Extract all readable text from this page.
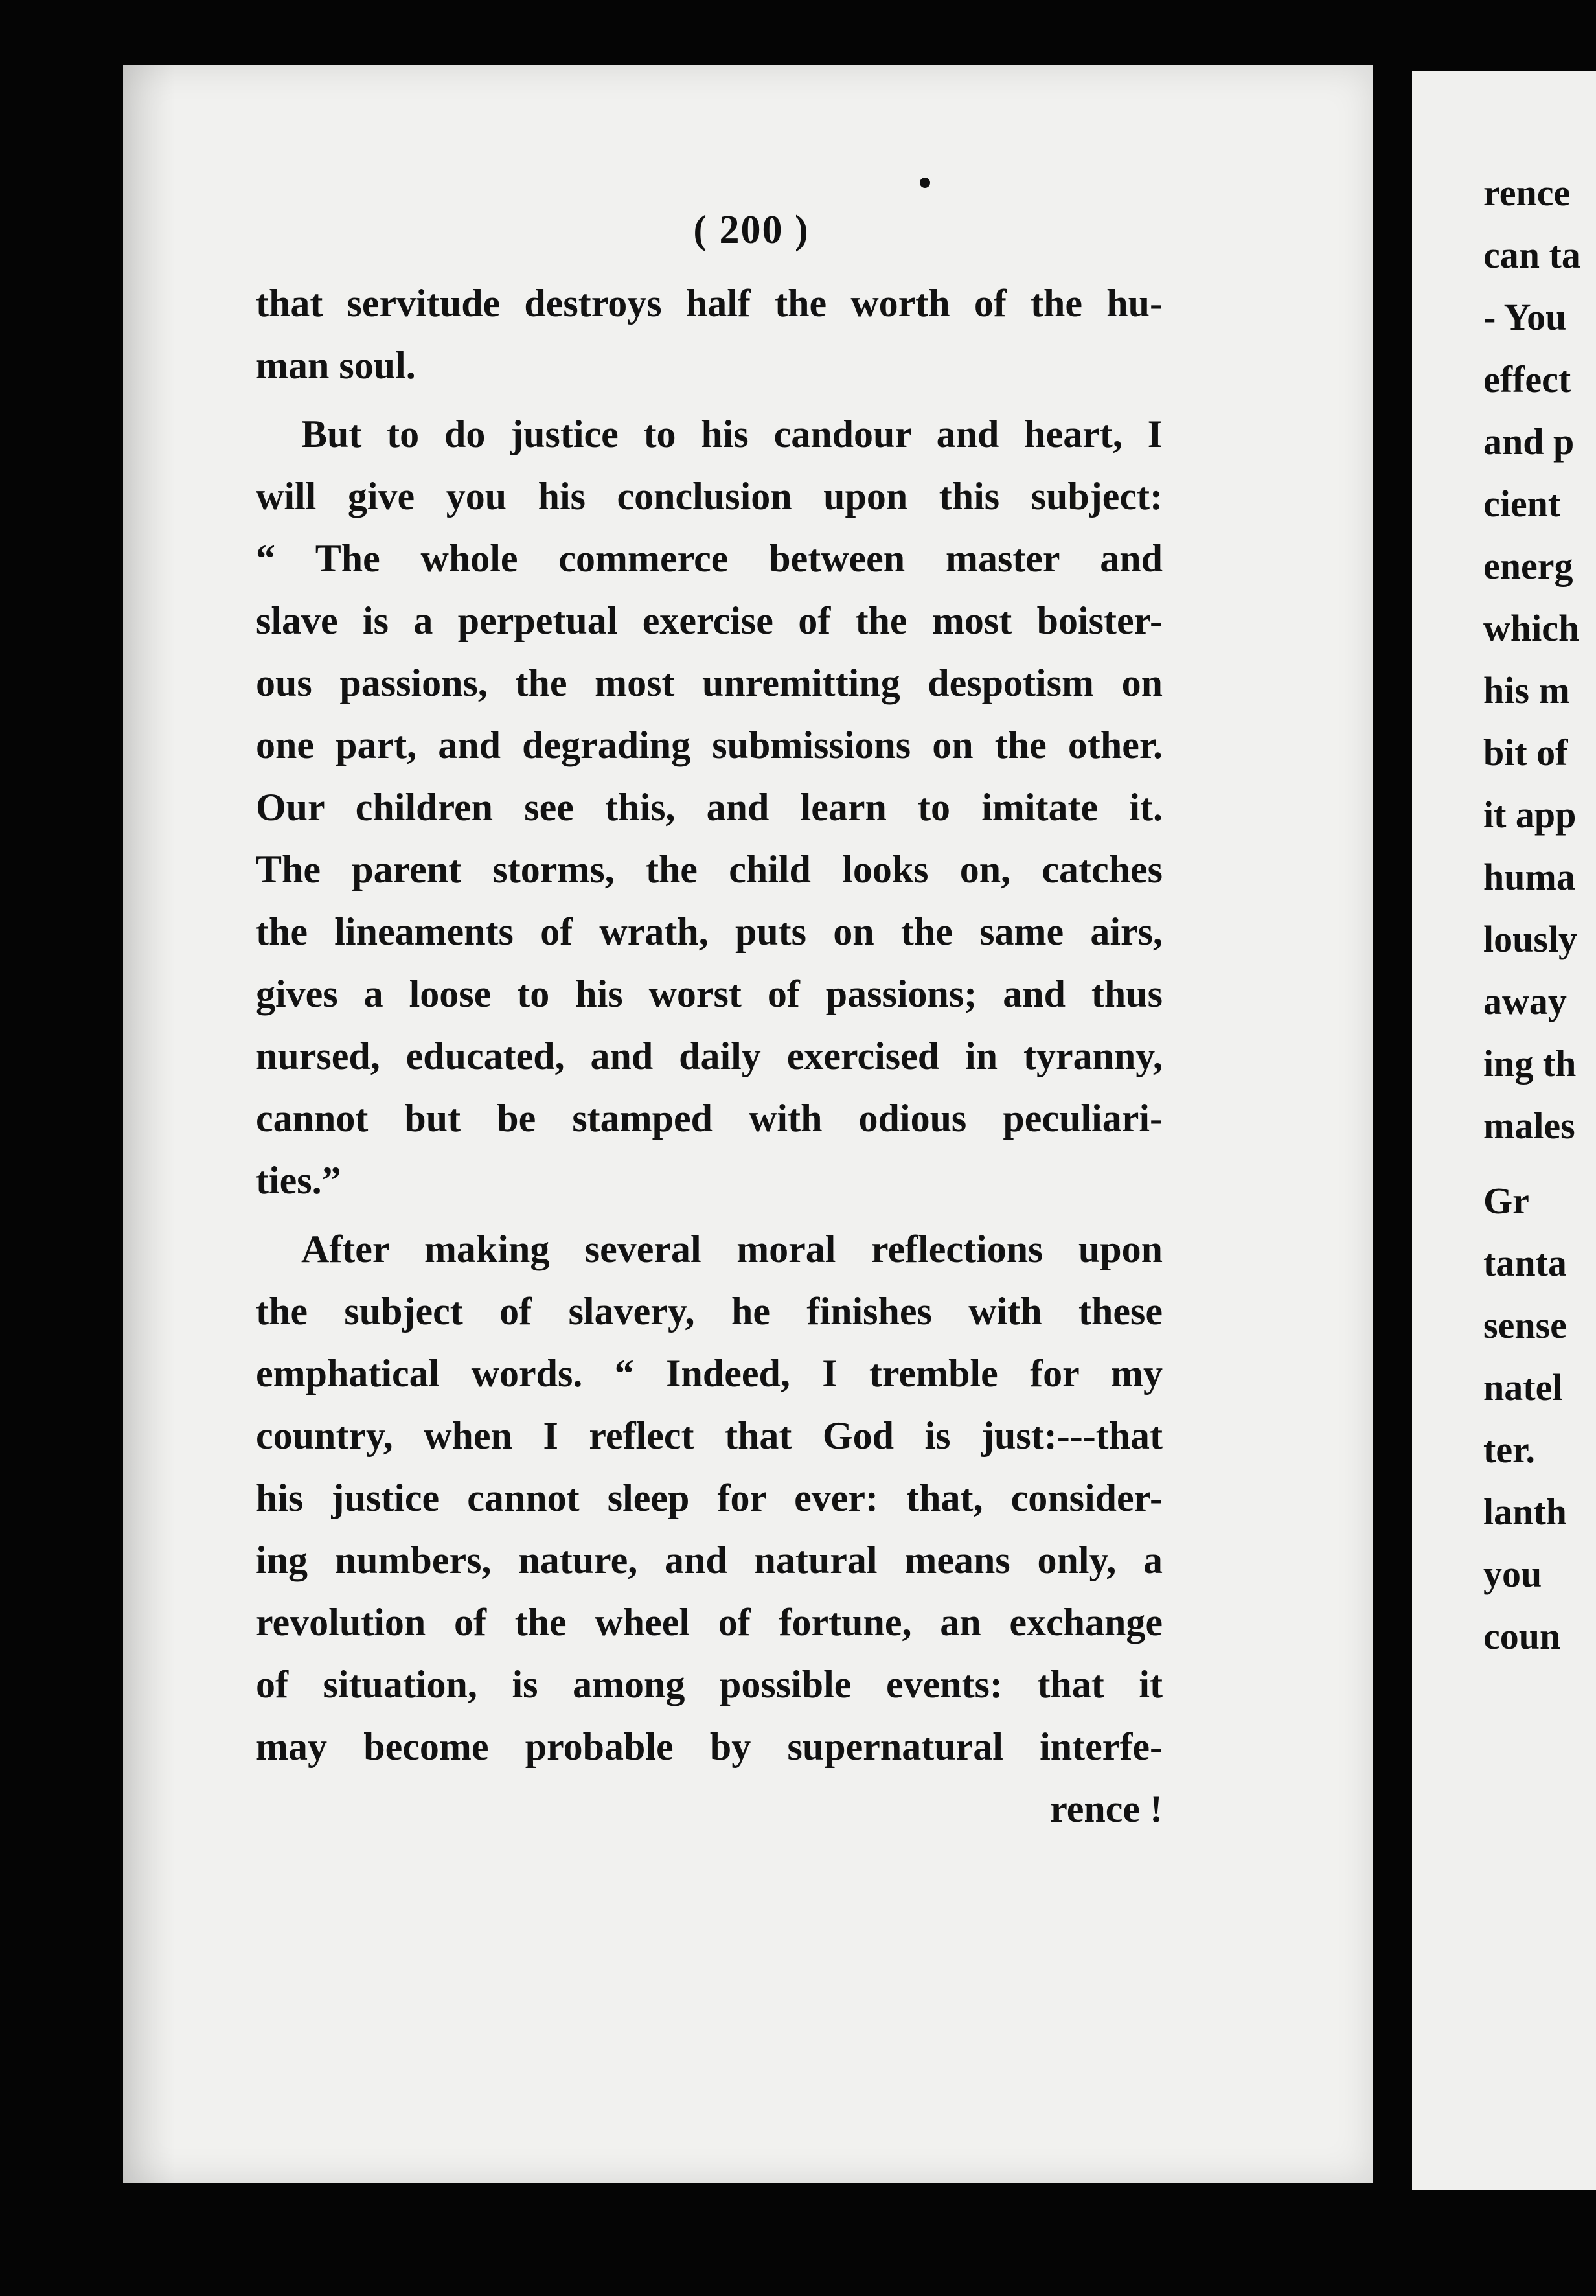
( 200 )
that servitude destroys half the worth of the hu-
man soul.
But to do justice to his candour and heart, I
will give you his conclusion upon this subject:
“ The whole commerce between master and
slave is a perpetual exercise of the most boister-
ous passions, the most unremitting despotism on
one part, and degrading submissions on the other.
Our children see this, and learn to imitate it.
The parent storms, the child looks on, catches
the lineaments of wrath, puts on the same airs,
gives a loose to his worst of passions; and thus
nursed, educated, and daily exercised in tyranny,
cannot but be stamped with odious peculiari-
ties.”
After making several moral reflections upon
the subject of slavery, he finishes with these
emphatical words. “ Indeed, I tremble for my
country, when I reflect that God is just:---that
his justice cannot sleep for ever: that, consider-
ing numbers, nature, and natural means only, a
revolution of the wheel of fortune, an exchange
of situation, is among possible events: that it
may become probable by supernatural interfe-
rence !
rence
can ta
- You
effect
and p
cient
energ
which
his m
bit of
it app
huma
lously
away
ing th
males
Gr
tanta
sense
natel
ter.
lanth
you
coun
